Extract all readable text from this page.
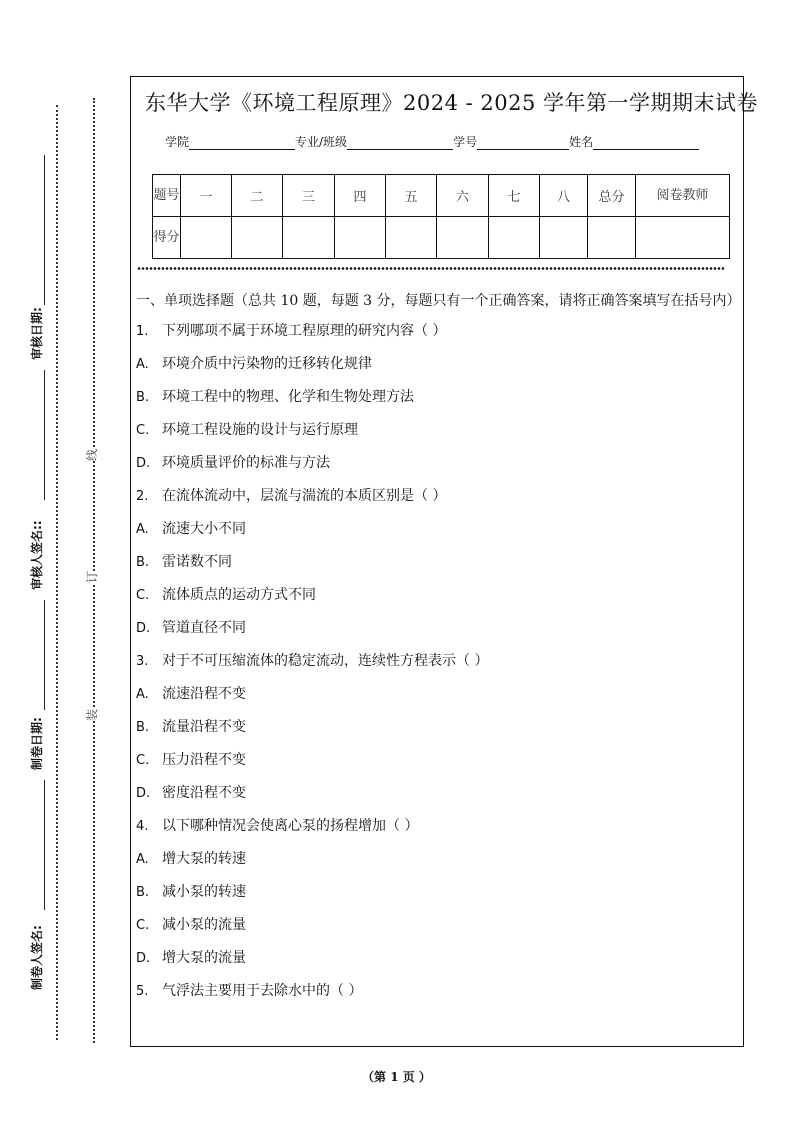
审核日期:
审核人签名::
制卷日期:
制卷人签名:
线
订
装
东华大学《环境工程原理》2024 - 2025 学年第一学期期末试卷
学院	专业/班级	学号	姓名
题号	一	二	三	四	五	六	七	八	总分	阅卷教师
得分										
一、单项选择题（总共 10 题，每题 3 分，每题只有一个正确答案，请将正确答案填写在括号内）
1. 下列哪项不属于环境工程原理的研究内容（ ）
A. 环境介质中污染物的迁移转化规律
B. 环境工程中的物理、化学和生物处理方法
C. 环境工程设施的设计与运行原理
D. 环境质量评价的标准与方法
2. 在流体流动中，层流与湍流的本质区别是（ ）
A. 流速大小不同
B. 雷诺数不同
C. 流体质点的运动方式不同
D. 管道直径不同
3. 对于不可压缩流体的稳定流动，连续性方程表示（ ）
A. 流速沿程不变
B. 流量沿程不变
C. 压力沿程不变
D. 密度沿程不变
4. 以下哪种情况会使离心泵的扬程增加（ ）
A. 增大泵的转速
B. 减小泵的转速
C. 减小泵的流量
D. 增大泵的流量
5. 气浮法主要用于去除水中的（ ）
（第 1 页 ）
